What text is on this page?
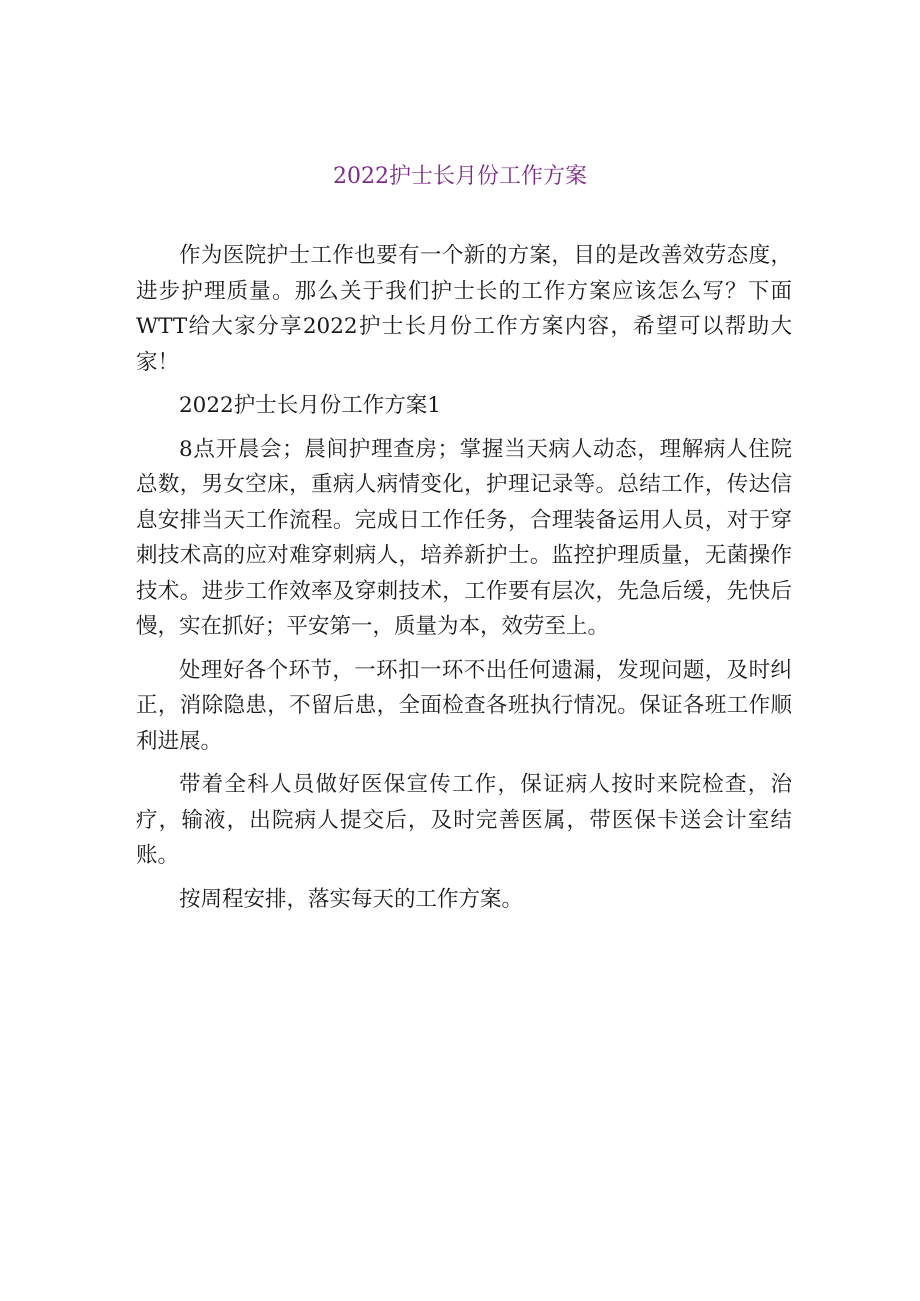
2022护士长月份工作方案

作为医院护士工作也要有一个新的方案，目的是改善效劳态度，进步护理质量。那么关于我们护士长的工作方案应该怎么写？下面WTT给大家分享2022护士长月份工作方案内容，希望可以帮助大家！

2022护士长月份工作方案1

8点开晨会；晨间护理查房；掌握当天病人动态，理解病人住院总数，男女空床，重病人病情变化，护理记录等。总结工作，传达信息安排当天工作流程。完成日工作任务，合理装备运用人员，对于穿刺技术高的应对难穿刺病人，培养新护士。监控护理质量，无菌操作技术。进步工作效率及穿刺技术，工作要有层次，先急后缓，先快后慢，实在抓好；平安第一，质量为本，效劳至上。

处理好各个环节，一环扣一环不出任何遗漏，发现问题，及时纠正，消除隐患，不留后患，全面检查各班执行情况。保证各班工作顺利进展。

带着全科人员做好医保宣传工作，保证病人按时来院检查，治疗，输液，出院病人提交后，及时完善医属，带医保卡送会计室结账。

按周程安排，落实每天的工作方案。
